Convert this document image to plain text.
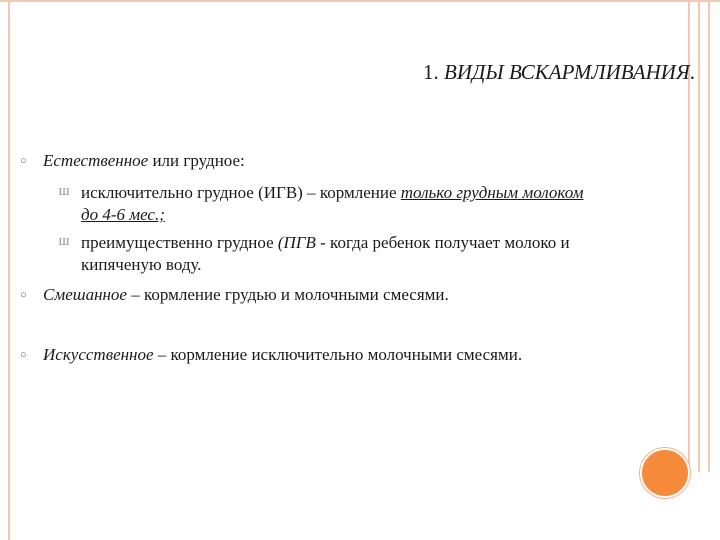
1. ВИДЫ ВСКАРМЛИВАНИЯ.
○ Естественное или грудное:
Ш исключительно грудное (ИГВ) – кормление только грудным молоком
до 4-6 мес.;
Ш преимущественно грудное (ПГВ - когда ребенок получает молоко и
кипяченую воду.
○ Смешанное – кормление грудью и молочными смесями.
○ Искусственное – кормление исключительно молочными смесями.
